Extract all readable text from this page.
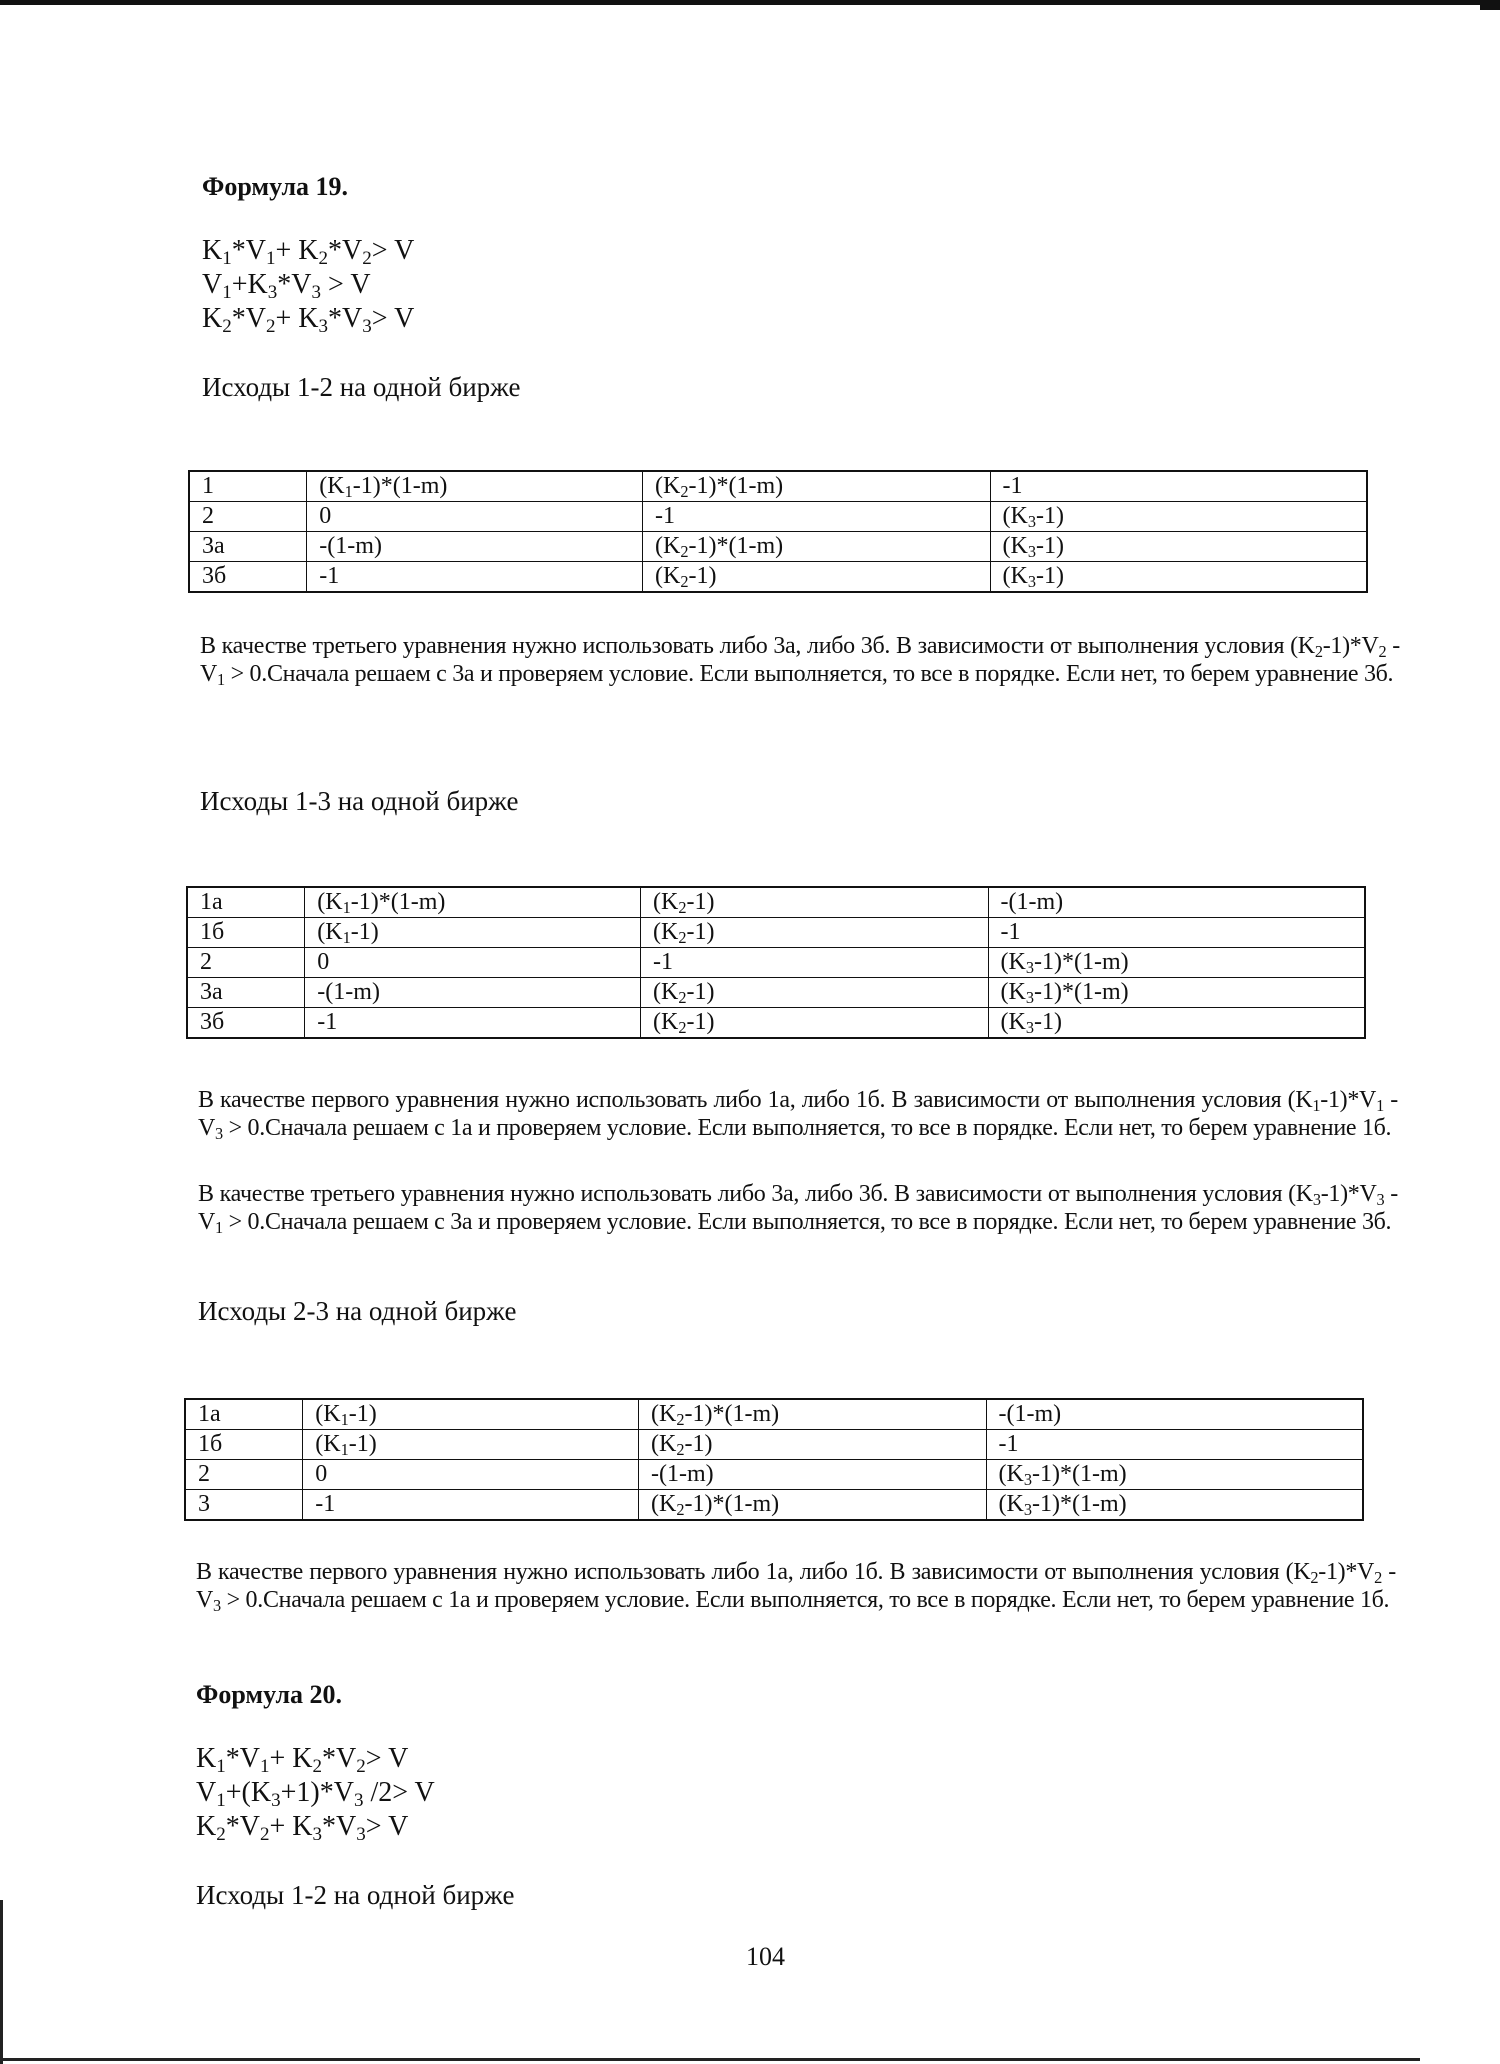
Формула 19.
$K_1*V_1+ K_2*V_2> V$
$V_1+K_3*V_3 > V$
$K_2*V_2+ K_3*V_3> V$
Исходы 1-2 на одной бирже
1	$(K_1-1)*(1-m)$	$(K_2-1)*(1-m)$	-1
2	0	-1	$(K_3-1)$
3а	-(1-m)	$(K_2-1)*(1-m)$	$(K_3-1)$
3б	-1	$(K_2-1)$	$(K_3-1)$
В качестве третьего уравнения нужно использовать либо 3а, либо 3б. В зависимости от выполнения условия $(K_2-1)*V_2 - V_1$ > 0.Сначала решаем с 3а и проверяем условие. Если выполняется, то все в порядке. Если нет, то берем уравнение 3б.
Исходы 1-3 на одной бирже
1а	$(K_1-1)*(1-m)$	$(K_2-1)$	-(1-m)
1б	$(K_1-1)$	$(K_2-1)$	-1
2	0	-1	$(K_3-1)*(1-m)$
3а	-(1-m)	$(K_2-1)$	$(K_3-1)*(1-m)$
3б	-1	$(K_2-1)$	$(K_3-1)$
В качестве первого уравнения нужно использовать либо 1а, либо 1б. В зависимости от выполнения условия $(K_1-1)*V_1 - V_3$ > 0.Сначала решаем с 1а и проверяем условие. Если выполняется, то все в порядке. Если нет, то берем уравнение 1б.
В качестве третьего уравнения нужно использовать либо 3а, либо 3б. В зависимости от выполнения условия $(K_3-1)*V_3 - V_1$ > 0.Сначала решаем с 3а и проверяем условие. Если выполняется, то все в порядке. Если нет, то берем уравнение 3б.
Исходы 2-3 на одной бирже
1а	$(K_1-1)$	$(K_2-1)*(1-m)$	-(1-m)
1б	$(K_1-1)$	$(K_2-1)$	-1
2	0	-(1-m)	$(K_3-1)*(1-m)$
3	-1	$(K_2-1)*(1-m)$	$(K_3-1)*(1-m)$
В качестве первого уравнения нужно использовать либо 1а, либо 1б. В зависимости от выполнения условия $(K_2-1)*V_2 - V_3$ > 0.Сначала решаем с 1а и проверяем условие. Если выполняется, то все в порядке. Если нет, то берем уравнение 1б.
Формула 20.
$K_1*V_1+ K_2*V_2> V$
$V_1+(K_3+1)*V_3$ /2> V
$K_2*V_2+ K_3*V_3> V$
Исходы 1-2 на одной бирже
104
